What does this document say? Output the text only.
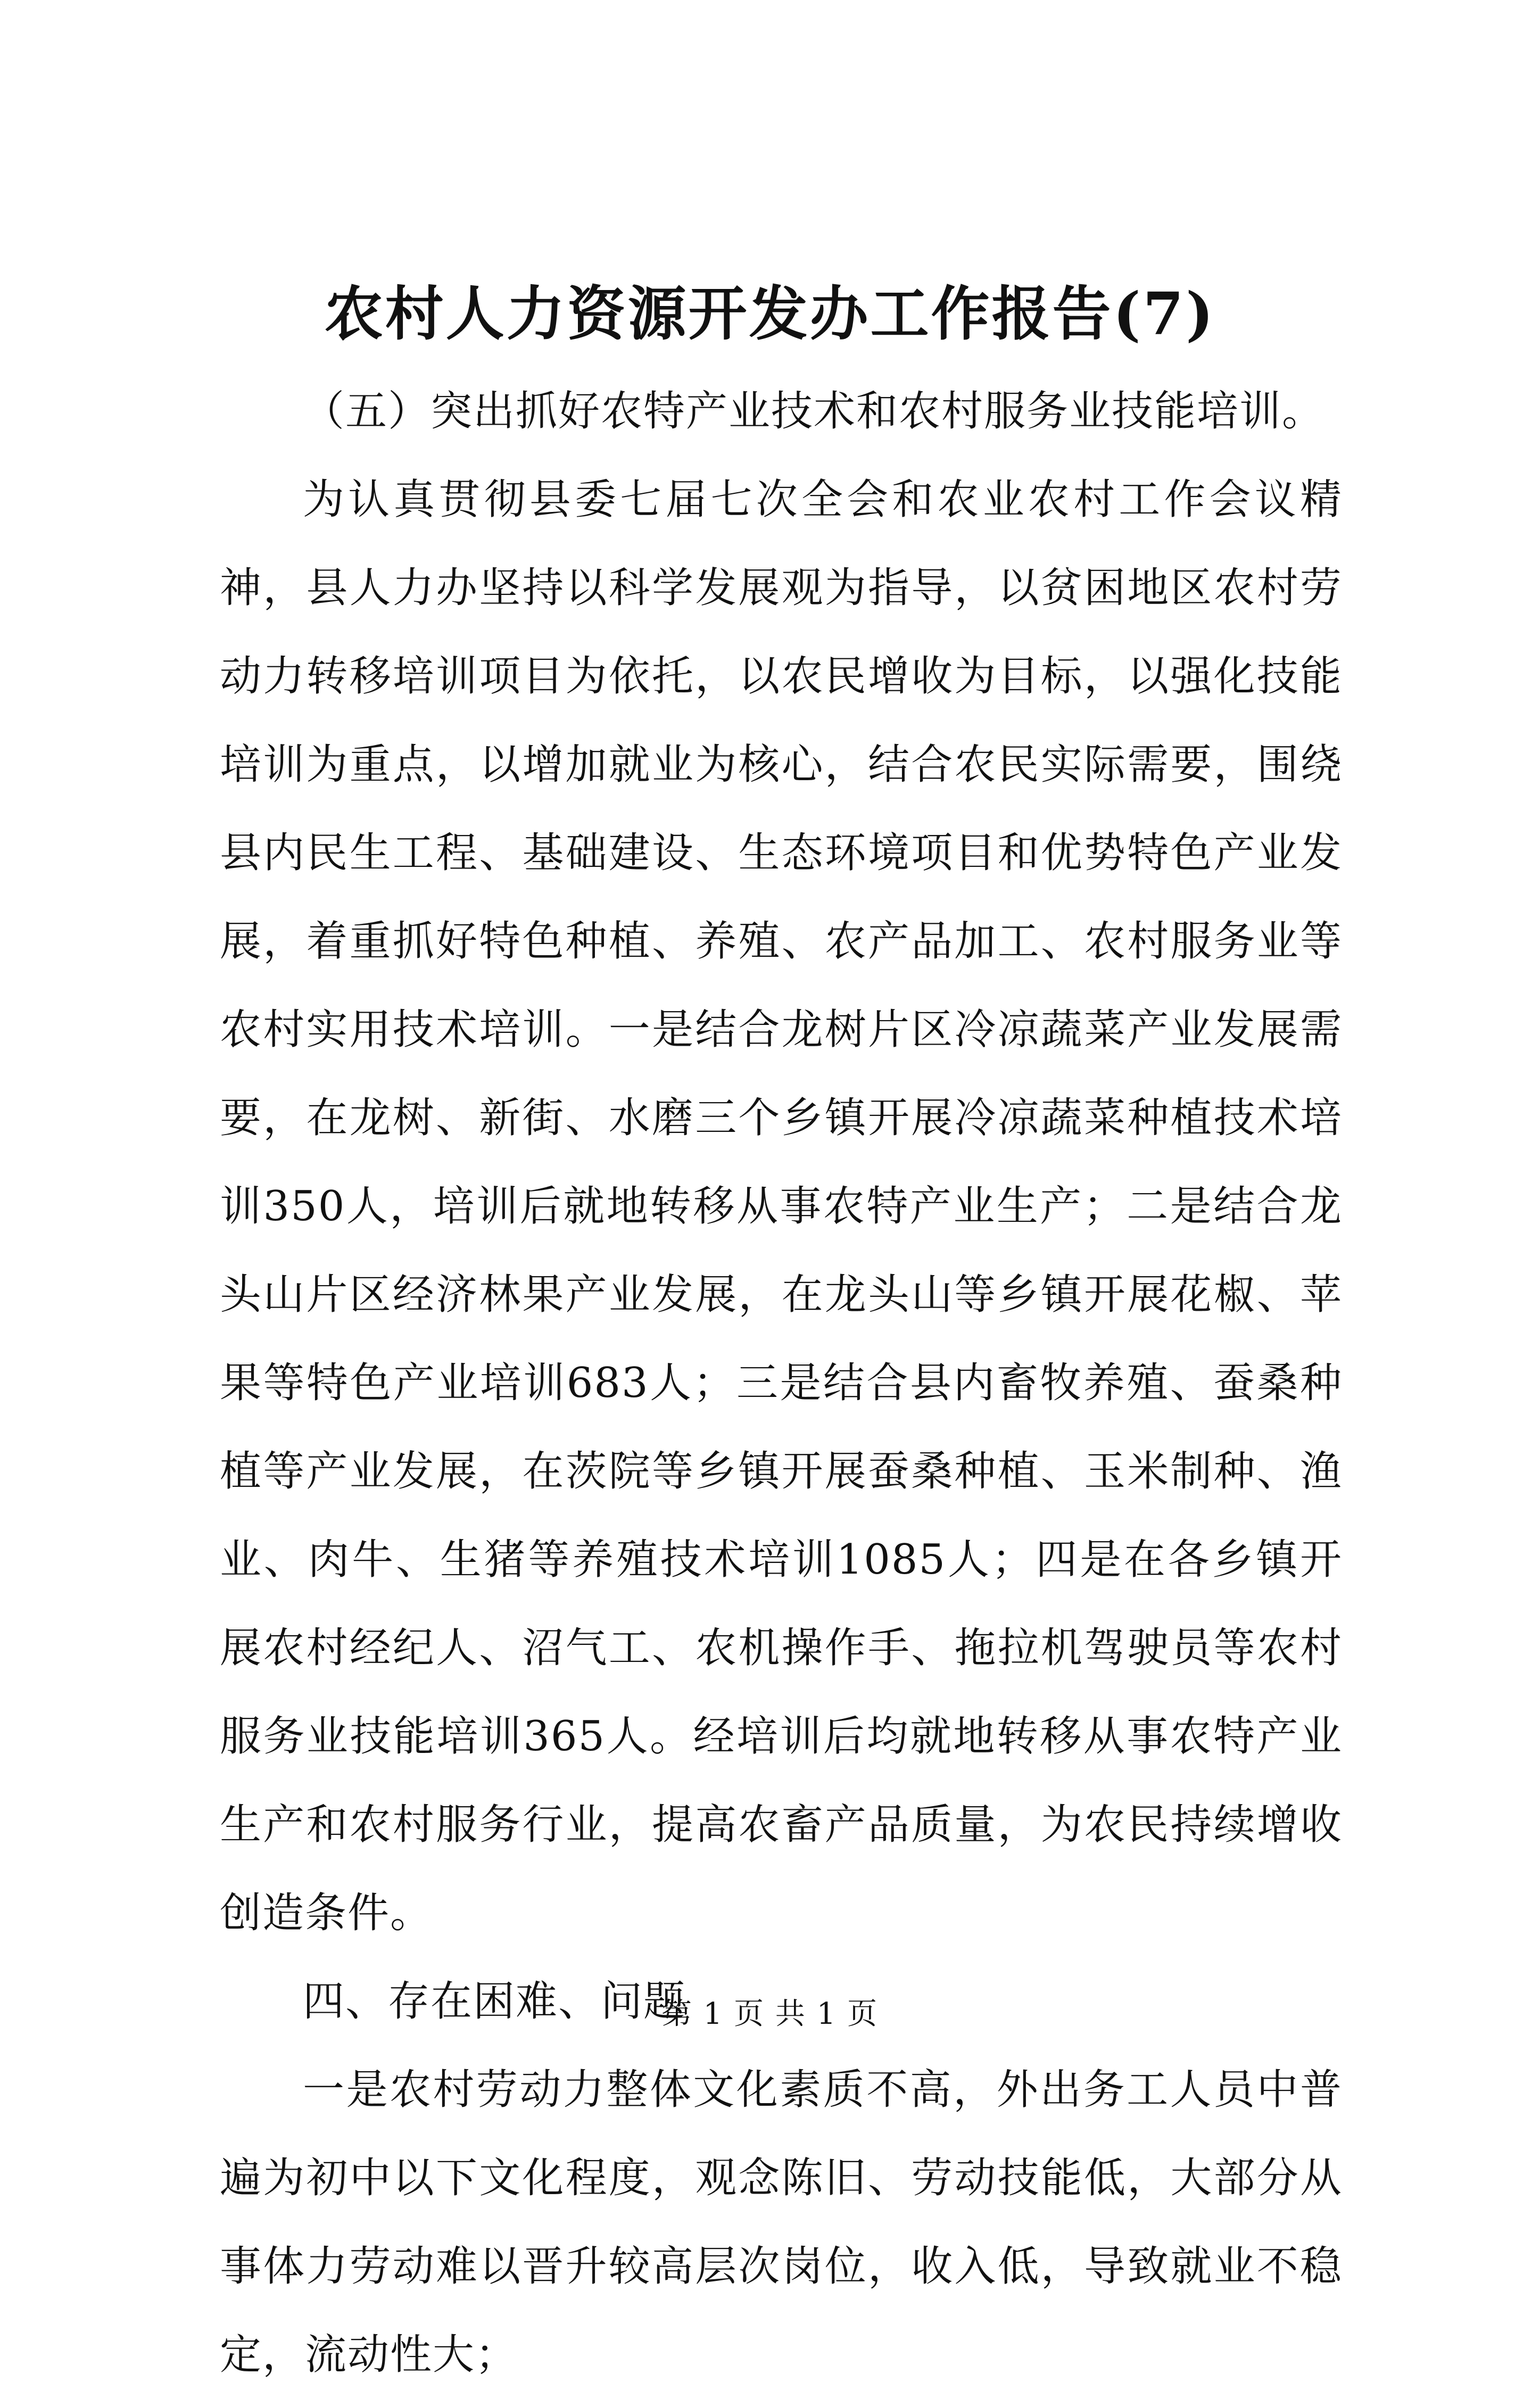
农村人力资源开发办工作报告(7)

（五）突出抓好农特产业技术和农村服务业技能培训。

为认真贯彻县委七届七次全会和农业农村工作会议精神，县人力办坚持以科学发展观为指导，以贫困地区农村劳动力转移培训项目为依托，以农民增收为目标，以强化技能培训为重点，以增加就业为核心，结合农民实际需要，围绕县内民生工程、基础建设、生态环境项目和优势特色产业发展，着重抓好特色种植、养殖、农产品加工、农村服务业等农村实用技术培训。一是结合龙树片区冷凉蔬菜产业发展需要，在龙树、新街、水磨三个乡镇开展冷凉蔬菜种植技术培训350人，培训后就地转移从事农特产业生产；二是结合龙头山片区经济林果产业发展，在龙头山等乡镇开展花椒、苹果等特色产业培训683人；三是结合县内畜牧养殖、蚕桑种植等产业发展，在茨院等乡镇开展蚕桑种植、玉米制种、渔业、肉牛、生猪等养殖技术培训1085人；四是在各乡镇开展农村经纪人、沼气工、农机操作手、拖拉机驾驶员等农村服务业技能培训365人。经培训后均就地转移从事农特产业生产和农村服务行业，提高农畜产品质量，为农民持续增收创造条件。

四、存在困难、问题

一是农村劳动力整体文化素质不高，外出务工人员中普遍为初中以下文化程度，观念陈旧、劳动技能低，大部分从事体力劳动难以晋升较高层次岗位，收入低，导致就业不稳定，流动性大；

第 1 页 共 1 页
